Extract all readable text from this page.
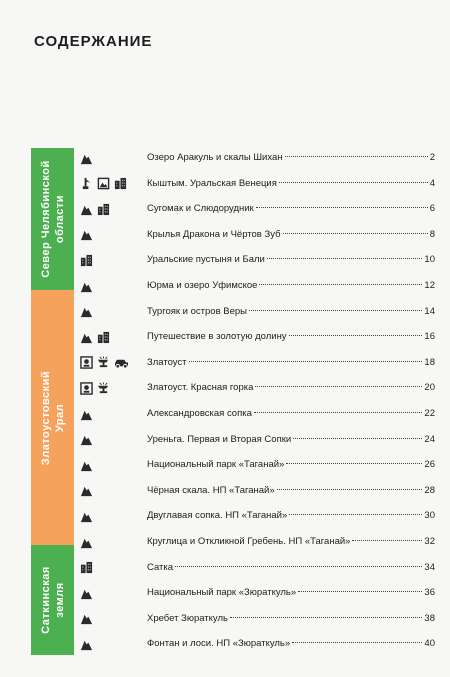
СОДЕРЖАНИЕ
Север Челябинской области
Златоустовский Урал
Саткинская земля
Озеро Аракуль и скалы Шихан	2
Кыштым. Уральская Венеция	4
Сугомак и Слюдорудник	6
Крылья Дракона и Чёртов Зуб	8
Уральские пустыня и Бали	10
Юрма и озеро Уфимское	12
Тургояк и остров Веры	14
Путешествие в золотую долину	16
Златоуст	18
Златоуст. Красная горка	20
Александровская сопка	22
Уреньга. Первая и Вторая Сопки	24
Национальный парк «Таганай»	26
Чёрная скала. НП «Таганай»	28
Двуглавая сопка. НП «Таганай»	30
Круглица и Откликной Гребень. НП «Таганай»	32
Сатка	34
Национальный парк «Зюраткуль»	36
Хребет Зюраткуль	38
Фонтан и лоси. НП «Зюраткуль»	40
